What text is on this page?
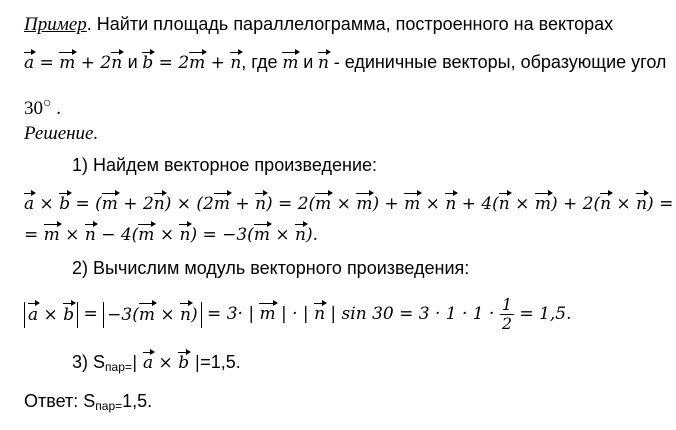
Пример. Найти площадь параллелограмма, построенного на векторах
a = m + 2n и b = 2m + n, где m и n - единичные векторы, образующие угол
30○ .
Решение.
1) Найдем векторное произведение:
a × b = (m + 2n) × (2m + n) = 2(m × m) + m × n + 4(n × m) + 2(n × n) =
= m × n − 4(m × n) = −3(m × n).
2) Вычислим модуль векторного произведения:
a × b = −3(m × n) = 3· | m | · | n | $\sin 30 = 3 \cdot 1 \cdot 1 \cdot \frac{1}{2} = 1,5$.
3) $S_{пар=}|$ a × b |=1,5.
Ответ: $S_{пар=}1,5$.
